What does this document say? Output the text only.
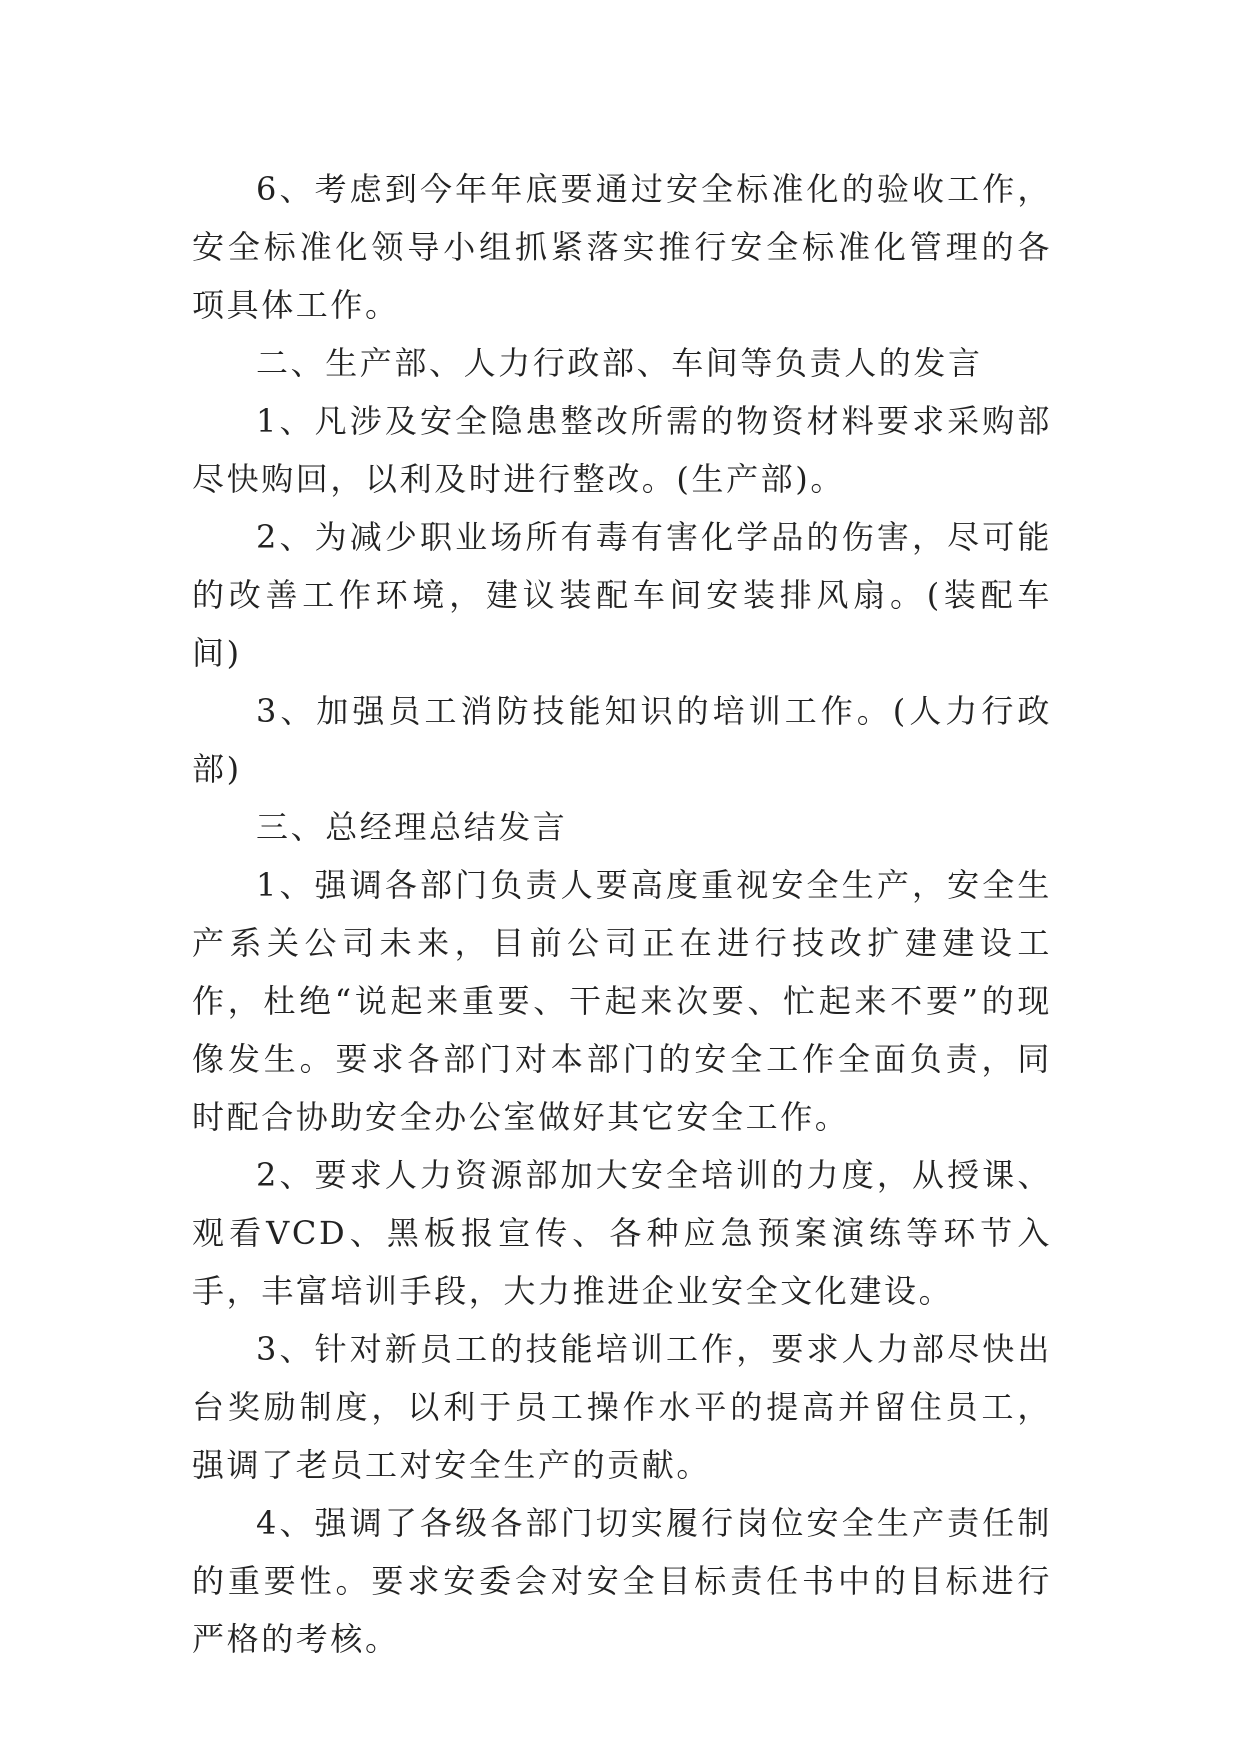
6、考虑到今年年底要通过安全标准化的验收工作，安全标准化领导小组抓紧落实推行安全标准化管理的各项具体工作。

二、生产部、人力行政部、车间等负责人的发言

1、凡涉及安全隐患整改所需的物资材料要求采购部尽快购回，以利及时进行整改。(生产部)。

2、为减少职业场所有毒有害化学品的伤害，尽可能的改善工作环境，建议装配车间安装排风扇。(装配车间)

3、加强员工消防技能知识的培训工作。(人力行政部)

三、总经理总结发言

1、强调各部门负责人要高度重视安全生产，安全生产系关公司未来，目前公司正在进行技改扩建建设工作，杜绝“说起来重要、干起来次要、忙起来不要”的现像发生。要求各部门对本部门的安全工作全面负责，同时配合协助安全办公室做好其它安全工作。

2、要求人力资源部加大安全培训的力度，从授课、观看VCD、黑板报宣传、各种应急预案演练等环节入手，丰富培训手段，大力推进企业安全文化建设。

3、针对新员工的技能培训工作，要求人力部尽快出台奖励制度，以利于员工操作水平的提高并留住员工，强调了老员工对安全生产的贡献。

4、强调了各级各部门切实履行岗位安全生产责任制的重要性。要求安委会对安全目标责任书中的目标进行严格的考核。
